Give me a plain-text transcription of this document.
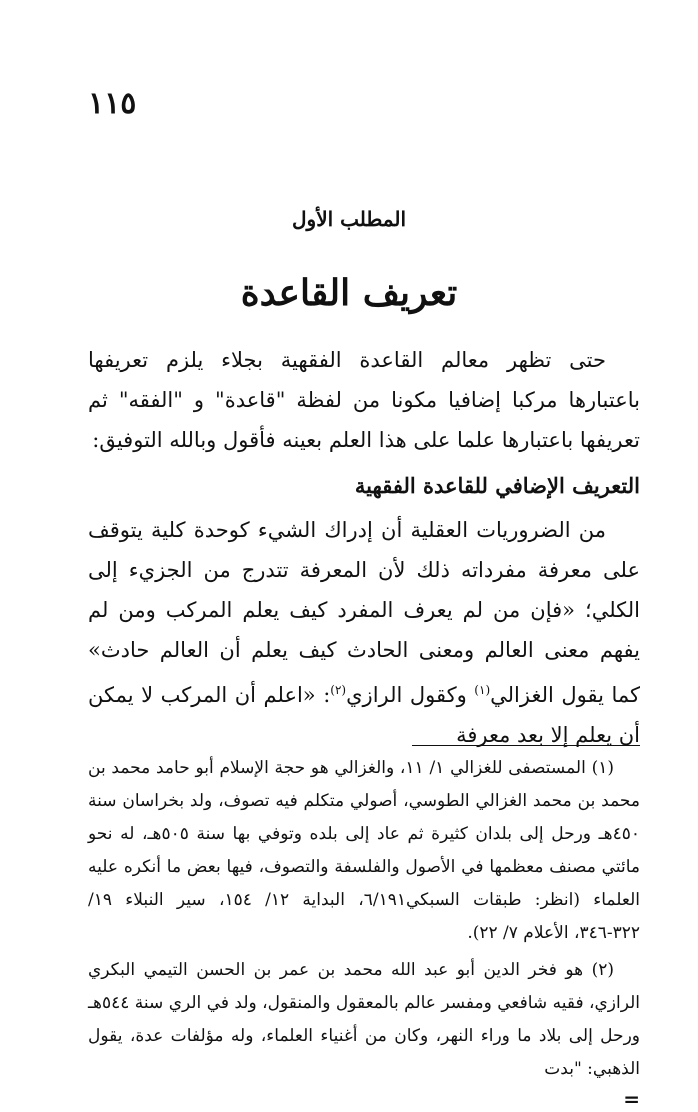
١١٥
المطلب الأول
تعريف القاعدة

حتى تظهر معالم القاعدة الفقهية بجلاء يلزم تعريفها باعتبارها مركبا إضافيا مكونا من لفظة "قاعدة" و "الفقه" ثم تعريفها باعتبارها علما على هذا العلم بعينه فأقول وبالله التوفيق:

التعريف الإضافي للقاعدة الفقهية

من الضروريات العقلية أن إدراك الشيء كوحدة كلية يتوقف على معرفة مفرداته ذلك لأن المعرفة تتدرج من الجزيء إلى الكلي؛ «فإن من لم يعرف المفرد كيف يعلم المركب ومن لم يفهم معنى العالم ومعنى الحادث كيف يعلم أن العالم حادث» كما يقول الغزالي$^{(١)}$ وكقول الرازي$^{(٢)}$: «اعلم أن المركب لا يمكن أن يعلم إلا بعد معرفة

(١) المستصفى للغزالي ١/ ١١، والغزالي هو حجة الإسلام أبو حامد محمد بن محمد بن محمد الغزالي الطوسي، أصولي متكلم فيه تصوف، ولد بخراسان سنة ٤٥٠هـ ورحل إلى بلدان كثيرة ثم عاد إلى بلده وتوفي بها سنة ٥٠٥هـ، له نحو مائتي مصنف معظمها في الأصول والفلسفة والتصوف، فيها بعض ما أنكره عليه العلماء (انظر: طبقات السبكي٦/١٩١، البداية ١٢/ ١٥٤، سير النبلاء ١٩/ ٣٢٢-٣٤٦، الأعلام ٧/ ٢٢).

(٢) هو فخر الدين أبو عبد الله محمد بن عمر بن الحسن التيمي البكري الرازي، فقيه شافعي ومفسر عالم بالمعقول والمنقول، ولد في الري سنة ٥٤٤هـ ورحل إلى بلاد ما وراء النهر، وكان من أغنياء العلماء، وله مؤلفات عدة، يقول الذهبي: "بدت

=
